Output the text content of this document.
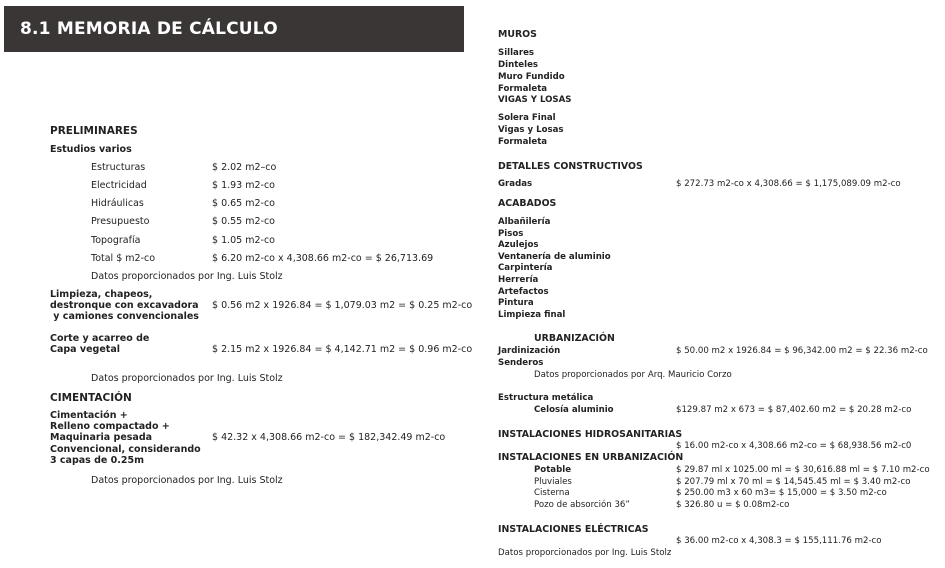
8.1 MEMORIA DE CÁLCULO
PRELIMINARES
Estudios varios
Estructuras	$ 2.02 m2–co
Electricidad	$ 1.93 m2-co
Hidráulicas	$ 0.65 m2-co
Presupuesto	$ 0.55 m2-co
Topografía	$ 1.05 m2-co
Total $ m2-co	$ 6.20 m2-co x 4,308.66 m2-co = $ 26,713.69
Datos proporcionados por Ing. Luis Stolz
Limpieza, chapeos,
destronque con excavadora
y camiones convencionales
$ 0.56 m2 x 1926.84 = $ 1,079.03 m2 = $ 0.25 m2-co
Corte y acarreo de
Capa vegetal	$ 2.15 m2 x 1926.84 = $ 4,142.71 m2 = $ 0.96 m2-co
Datos proporcionados por Ing. Luis Stolz
CIMENTACIÓN
Cimentación +
Relleno compactado +
Maquinaria pesada
Convencional, considerando
3 capas de 0.25m
$ 42.32 x 4,308.66 m2-co = $ 182,342.49 m2-co
Datos proporcionados por Ing. Luis Stolz
MUROS
Sillares
Dinteles
Muro Fundido
Formaleta
VIGAS Y LOSAS
Solera Final
Vigas y Losas
Formaleta
DETALLES CONSTRUCTIVOS
Gradas	$ 272.73 m2-co x 4,308.66 = $ 1,175,089.09 m2-co
ACABADOS
Albañilería
Pisos
Azulejos
Ventanería de aluminio
Carpintería
Herrería
Artefactos
Pintura
Limpieza final
URBANIZACIÓN
Jardinización	$ 50.00 m2 x 1926.84 = $ 96,342.00 m2 = $ 22.36 m2-co
Senderos
Datos proporcionados por Arq. Mauricio Corzo
Estructura metálica
Celosía aluminio	$129.87 m2 x 673 = $ 87,402.60 m2 = $ 20.28 m2-co
INSTALACIONES HIDROSANITARIAS
$ 16.00 m2-co x 4,308.66 m2-co = $ 68,938.56 m2-c0
INSTALACIONES EN URBANIZACIÓN
Potable	$ 29.87 ml x 1025.00 ml = $ 30,616.88 ml = $ 7.10 m2-co
Pluviales	$ 207.79 ml x 70 ml = $ 14,545.45 ml = $ 3.40 m2-co
Cisterna	$ 250.00 m3 x 60 m3= $ 15,000 = $ 3.50 m2-co
Pozo de absorción 36”	$ 326.80 u = $ 0.08m2-co
INSTALACIONES ELÉCTRICAS
$ 36.00 m2-co x 4,308.3 = $ 155,111.76 m2-co
Datos proporcionados por Ing. Luis Stolz
